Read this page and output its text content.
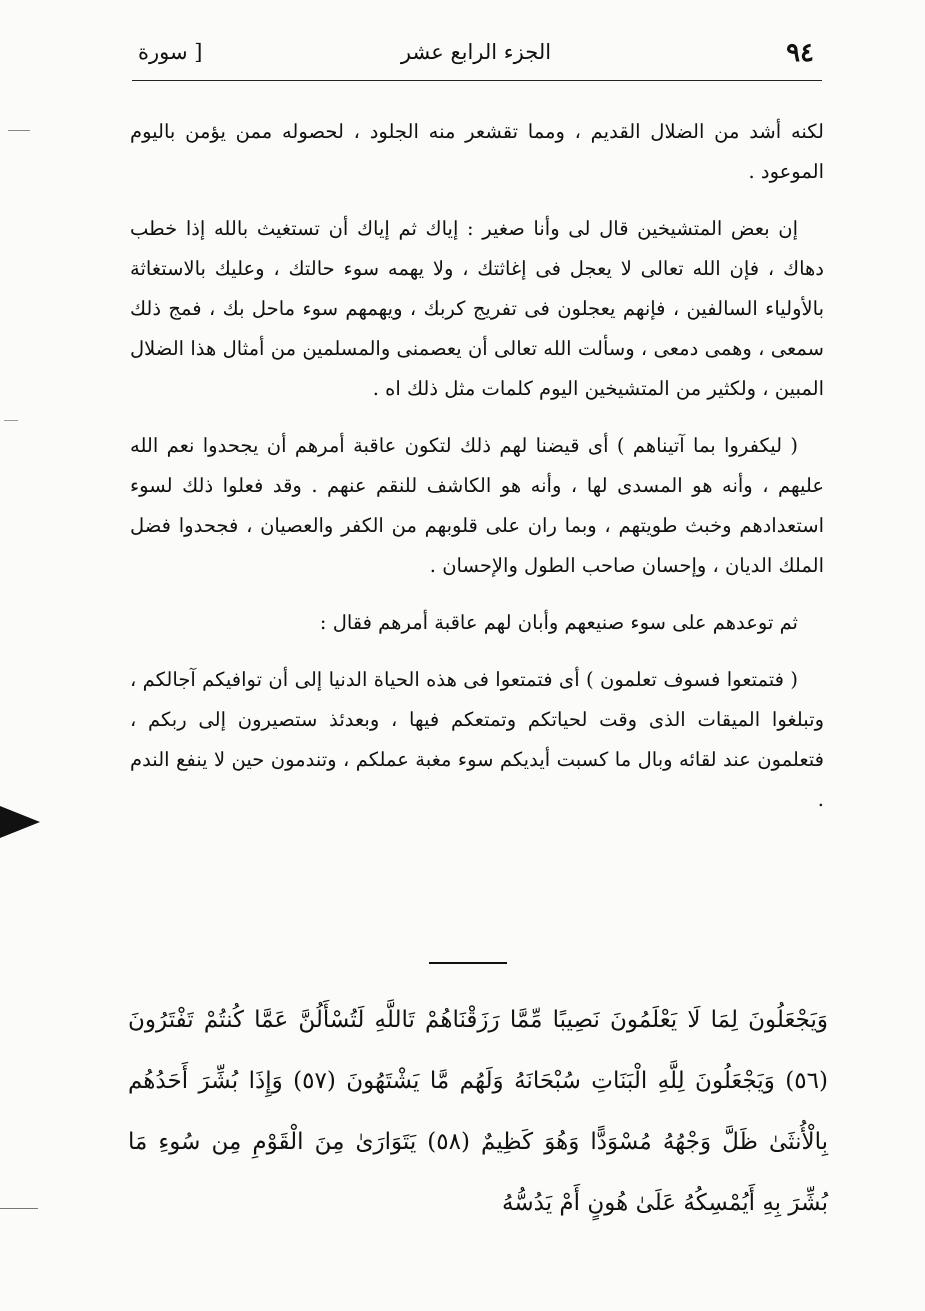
٩٤
الجزء الرابع عشر
[ سورة

لكنه أشد من الضلال القديم ، ومما تقشعر منه الجلود ، لحصوله ممن يؤمن باليوم الموعود .

إن بعض المتشيخين قال لى وأنا صغير : إياك ثم إياك أن تستغيث بالله إذا خطب دهاك ، فإن الله تعالى لا يعجل فى إغاثتك ، ولا يهمه سوء حالتك ، وعليك بالاستغاثة بالأولياء السالفين ، فإنهم يعجلون فى تفريج كربك ، ويهمهم سوء ماحل بك ، فمج ذلك سمعى ، وهمى دمعى ، وسألت الله تعالى أن يعصمنى والمسلمين من أمثال هذا الضلال المبين ، ولكثير من المتشيخين اليوم كلمات مثل ذلك اه .

( ليكفروا بما آتيناهم ) أى قيضنا لهم ذلك لتكون عاقبة أمرهم أن يجحدوا نعم الله عليهم ، وأنه هو المسدى لها ، وأنه هو الكاشف للنقم عنهم . وقد فعلوا ذلك لسوء استعدادهم وخبث طويتهم ، وبما ران على قلوبهم من الكفر والعصيان ، فجحدوا فضل الملك الديان ، وإحسان صاحب الطول والإحسان .

ثم توعدهم على سوء صنيعهم وأبان لهم عاقبة أمرهم فقال :

( فتمتعوا فسوف تعلمون ) أى فتمتعوا فى هذه الحياة الدنيا إلى أن توافيكم آجالكم ، وتبلغوا الميقات الذى وقت لحياتكم وتمتعكم فيها ، وبعدئذ ستصيرون إلى ربكم ، فتعلمون عند لقائه وبال ما كسبت أيديكم سوء مغبة عملكم ، وتندمون حين لا ينفع الندم .

وَيَجْعَلُونَ لِمَا لَا يَعْلَمُونَ نَصِيبًا مِّمَّا رَزَقْنَاهُمْ تَاللَّهِ لَتُسْأَلُنَّ عَمَّا كُنتُمْ تَفْتَرُونَ (٥٦) وَيَجْعَلُونَ لِلَّهِ الْبَنَاتِ سُبْحَانَهُ وَلَهُم مَّا يَشْتَهُونَ (٥٧) وَإِذَا بُشِّرَ أَحَدُهُم بِالْأُنثَىٰ ظَلَّ وَجْهُهُ مُسْوَدًّا وَهُوَ كَظِيمٌ (٥٨) يَتَوَارَىٰ مِنَ الْقَوْمِ مِن سُوءِ مَا بُشِّرَ بِهِ أَيُمْسِكُهُ عَلَىٰ هُونٍ أَمْ يَدُسُّهُ
